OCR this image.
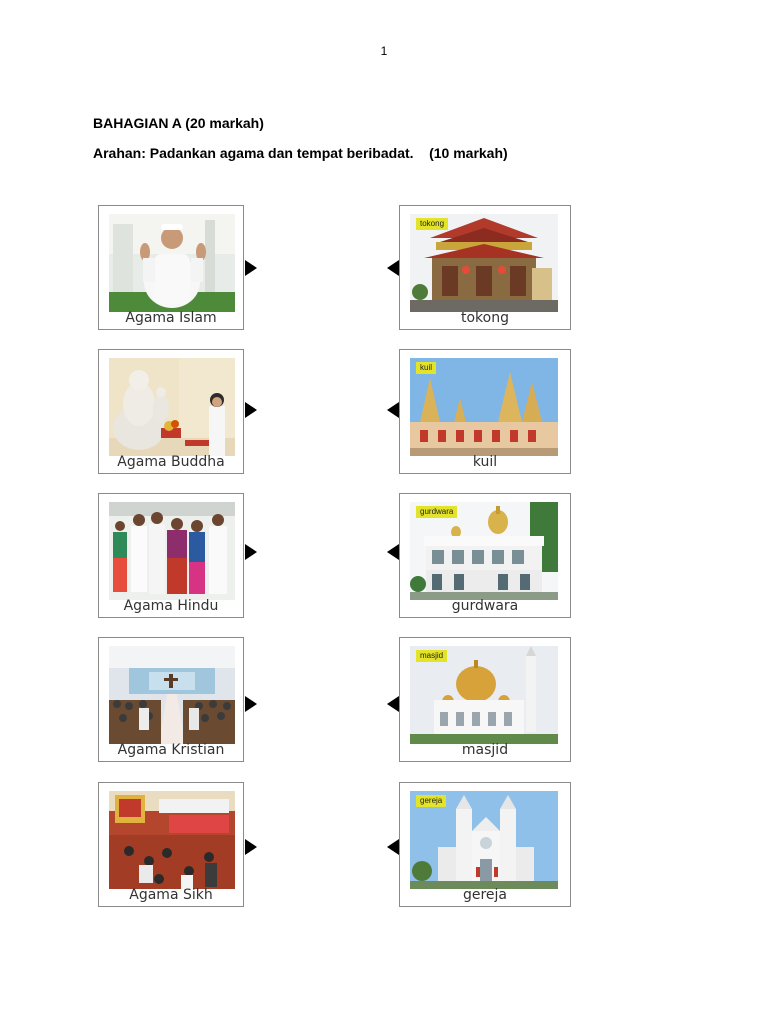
1
BAHAGIAN A (20 markah)
Arahan: Padankan agama dan tempat beribadat.    (10 markah)
Agama Islam
Agama Buddha
Agama Hindu
Agama Kristian
Agama Sikh
tokong
tokong
kuil
kuil
gurdwara
gurdwara
masjid
masjid
gereja
gereja
